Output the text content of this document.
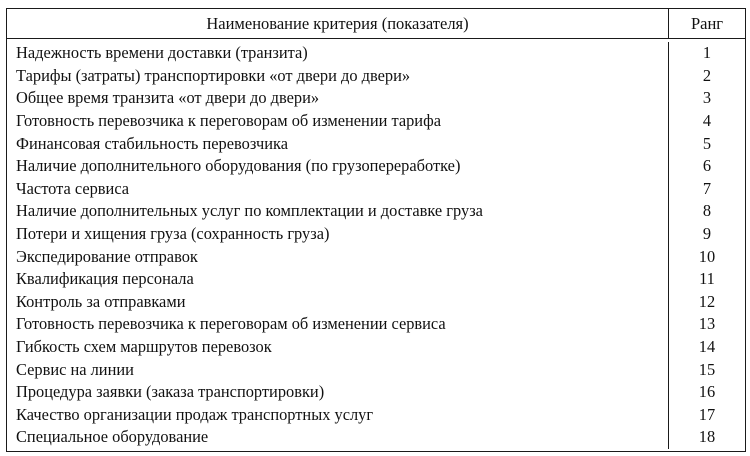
Наименование критерия (показателя)	Ранг
Надежность времени доставки (транзита)	1
Тарифы (затраты) транспортировки «от двери до двери»	2
Общее время транзита «от двери до двери»	3
Готовность перевозчика к переговорам об изменении тарифа	4
Финансовая стабильность перевозчика	5
Наличие дополнительного оборудования (по грузопереработке)	6
Частота сервиса	7
Наличие дополнительных услуг по комплектации и доставке груза	8
Потери и хищения груза (сохранность груза)	9
Экспедирование отправок	10
Квалификация персонала	11
Контроль за отправками	12
Готовность перевозчика к переговорам об изменении сервиса	13
Гибкость схем маршрутов перевозок	14
Сервис на линии	15
Процедура заявки (заказа транспортировки)	16
Качество организации продаж транспортных услуг	17
Специальное оборудование	18
